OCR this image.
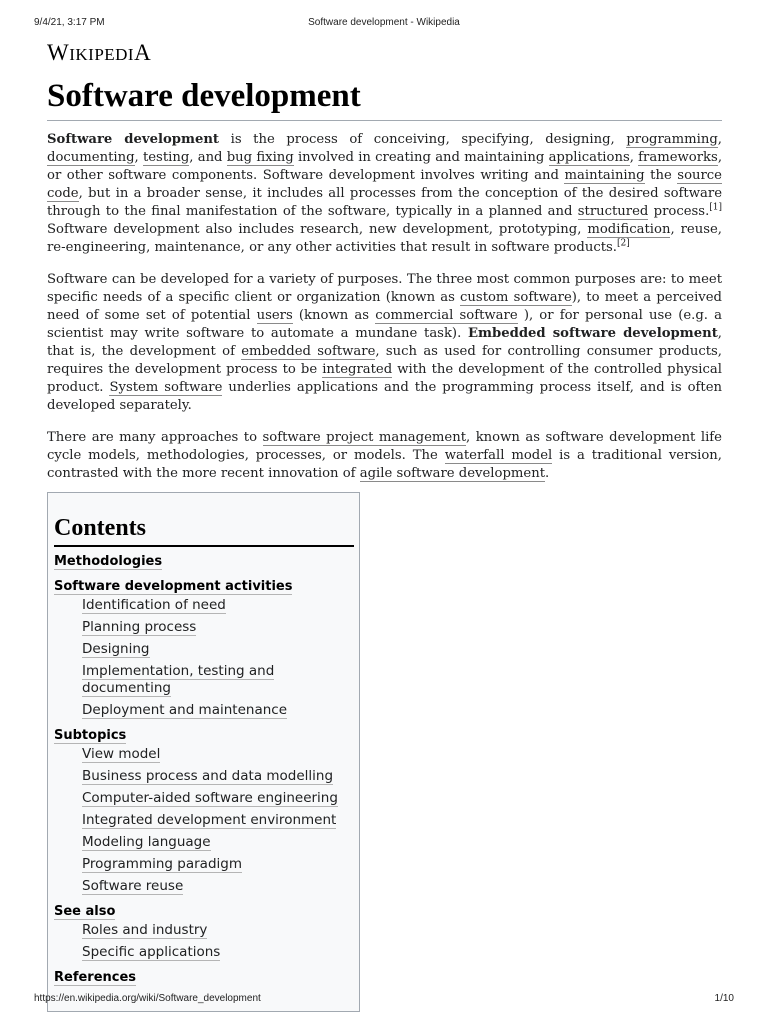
9/4/21, 3:17 PM	Software development - Wikipedia
WIKIPEDIA
Software development

Software development is the process of conceiving, specifying, designing, programming, documenting, testing, and bug fixing involved in creating and maintaining applications, frameworks, or other software components. Software development involves writing and maintaining the source code, but in a broader sense, it includes all processes from the conception of the desired software through to the final manifestation of the software, typically in a planned and structured process.[1] Software development also includes research, new development, prototyping, modification, reuse, re-engineering, maintenance, or any other activities that result in software products.[2]

Software can be developed for a variety of purposes. The three most common purposes are: to meet specific needs of a specific client or organization (known as custom software), to meet a perceived need of some set of potential users (known as commercial software ), or for personal use (e.g. a scientist may write software to automate a mundane task). Embedded software development, that is, the development of embedded software, such as used for controlling consumer products, requires the development process to be integrated with the development of the controlled physical product. System software underlies applications and the programming process itself, and is often developed separately.

There are many approaches to software project management, known as software development life cycle models, methodologies, processes, or models. The waterfall model is a traditional version, contrasted with the more recent innovation of agile software development.

Contents
Methodologies
Software development activities
Identification of need
Planning process
Designing
Implementation, testing and documenting
Deployment and maintenance
Subtopics
View model
Business process and data modelling
Computer-aided software engineering
Integrated development environment
Modeling language
Programming paradigm
Software reuse
See also
Roles and industry
Specific applications
References
https://en.wikipedia.org/wiki/Software_development	1/10
